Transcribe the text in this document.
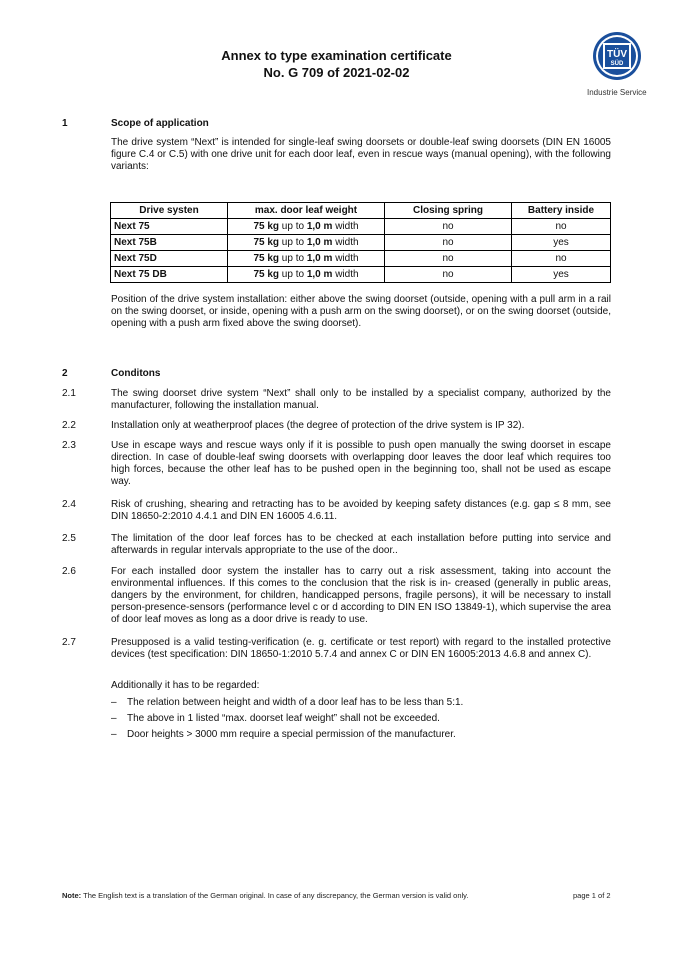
Annex to type examination certificate
No. G 709 of 2021-02-02
TÜV
SÜD
Industrie Service
1	Scope of application
The drive system “Next” is intended for single-leaf swing doorsets or double-leaf swing doorsets (DIN EN 16005 figure C.4 or C.5) with one drive unit for each door leaf, even in rescue ways (manual opening), with the following variants:
Drive systen	max. door leaf weight	Closing spring	Battery inside
Next 75	75 kg up to 1,0 m width	no	no
Next 75B	75 kg up to 1,0 m width	no	yes
Next 75D	75 kg up to 1,0 m width	no	no
Next 75 DB	75 kg up to 1,0 m width	no	yes
Position of the drive system installation: either above the swing doorset (outside, opening with a pull arm in a rail on the swing doorset, or inside, opening with a push arm on the swing doorset), or on the swing doorset (outside, opening with a push arm fixed above the swing doorset).
2	Conditons
2.1	The swing doorset drive system “Next” shall only to be installed by a specialist company, authorized by the manufacturer, following the installation manual.
2.2	Installation only at weatherproof places (the degree of protection of the drive system is IP 32).
2.3	Use in escape ways and rescue ways only if it is possible to push open manually the swing doorset in escape direction. In case of double-leaf swing doorsets with overlapping door leaves the door leaf which requires too high forces, because the other leaf has to be pushed open in the beginning too, shall not be used as escape way.
2.4	Risk of crushing, shearing and retracting has to be avoided by keeping safety distances (e.g. gap ≤ 8 mm, see DIN 18650-2:2010 4.4.1 and DIN EN 16005 4.6.11.
2.5	The limitation of the door leaf forces has to be checked at each installation before putting into service and afterwards in regular intervals appropriate to the use of the door..
2.6	For each installed door system the installer has to carry out a risk assessment, taking into account the environmental influences. If this comes to the conclusion that the risk is in- creased (generally in public areas, dangers by the environment, for children, handicapped persons, fragile persons), it will be necessary to install person-presence-sensors (performance level c or d according to DIN EN ISO 13849-1), which supervise the area of door leaf moves as long as a door drive is ready to use.
2.7	Presupposed is a valid testing-verification (e. g. certificate or test report) with regard to the installed protective devices (test specification: DIN 18650-1:2010 5.7.4 and annex C or DIN EN 16005:2013 4.6.8 and annex C).
Additionally it has to be regarded:
– The relation between height and width of a door leaf has to be less than 5:1.
– The above in 1 listed “max. doorset leaf weight” shall not be exceeded.
– Door heights > 3000 mm require a special permission of the manufacturer.
Note: The English text is a translation of the German original. In case of any discrepancy, the German version is valid only.	page 1 of 2
